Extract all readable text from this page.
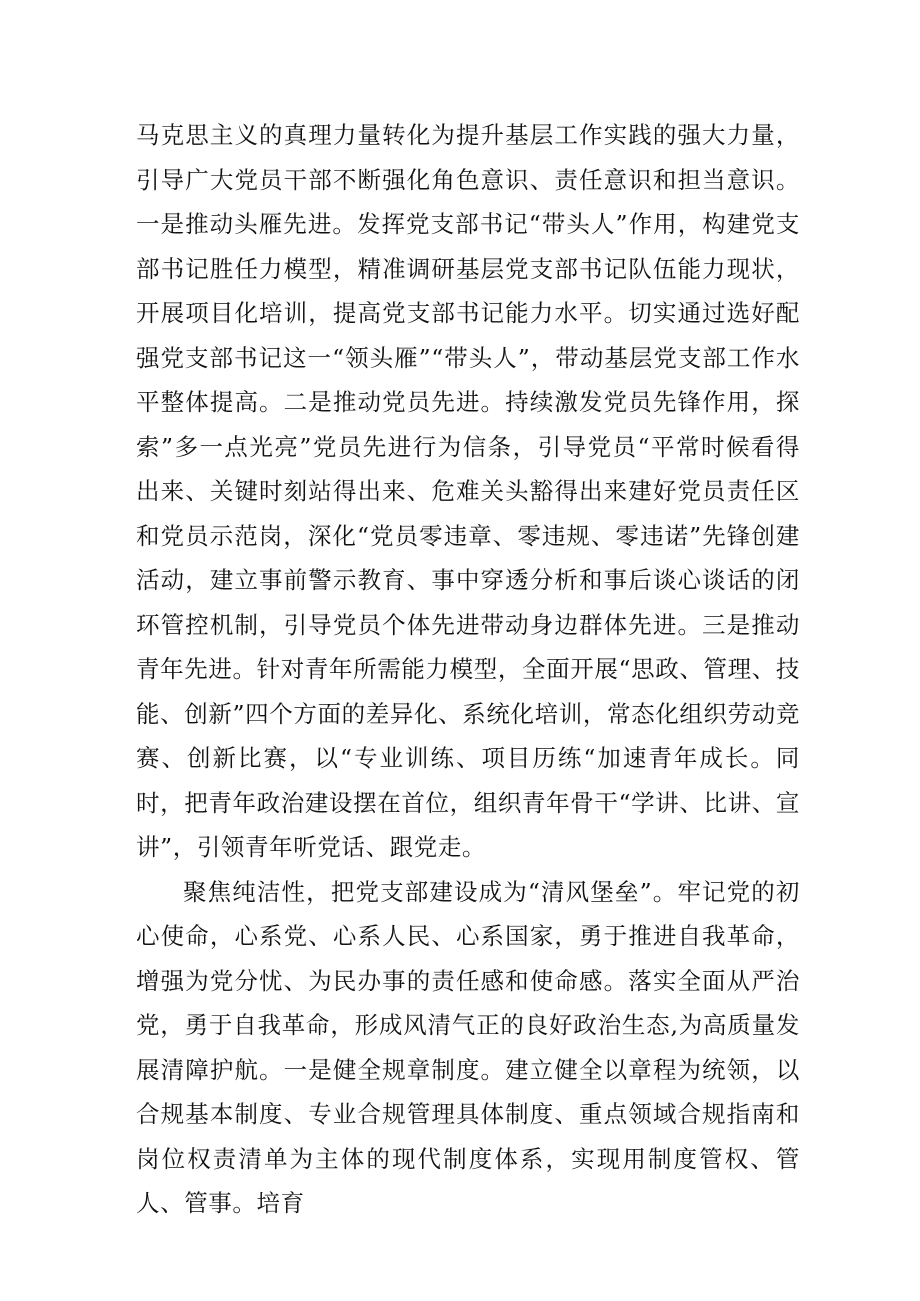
马克思主义的真理力量转化为提升基层工作实践的强大力量，引导广大党员干部不断强化角色意识、责任意识和担当意识。一是推动头雁先进。发挥党支部书记“带头人”作用，构建党支部书记胜任力模型，精准调研基层党支部书记队伍能力现状，开展项目化培训，提高党支部书记能力水平。切实通过选好配强党支部书记这一“领头雁”“带头人”，带动基层党支部工作水平整体提高。二是推动党员先进。持续激发党员先锋作用，探索”多一点光亮”党员先进行为信条，引导党员“平常时候看得出来、关键时刻站得出来、危难关头豁得出来建好党员责任区和党员示范岗，深化“党员零违章、零违规、零违诺”先锋创建活动，建立事前警示教育、事中穿透分析和事后谈心谈话的闭环管控机制，引导党员个体先进带动身边群体先进。三是推动青年先进。针对青年所需能力模型，全面开展“思政、管理、技能、创新”四个方面的差异化、系统化培训，常态化组织劳动竞赛、创新比赛，以“专业训练、项目历练“加速青年成长。同时，把青年政治建设摆在首位，组织青年骨干“学讲、比讲、宣讲”，引领青年听党话、跟党走。

聚焦纯洁性，把党支部建设成为“清风堡垒”。牢记党的初心使命，心系党、心系人民、心系国家，勇于推进自我革命，增强为党分忧、为民办事的责任感和使命感。落实全面从严治党，勇于自我革命，形成风清气正的良好政治生态,为高质量发展清障护航。一是健全规章制度。建立健全以章程为统领，以合规基本制度、专业合规管理具体制度、重点领域合规指南和岗位权责清单为主体的现代制度体系，实现用制度管权、管人、管事。培育
